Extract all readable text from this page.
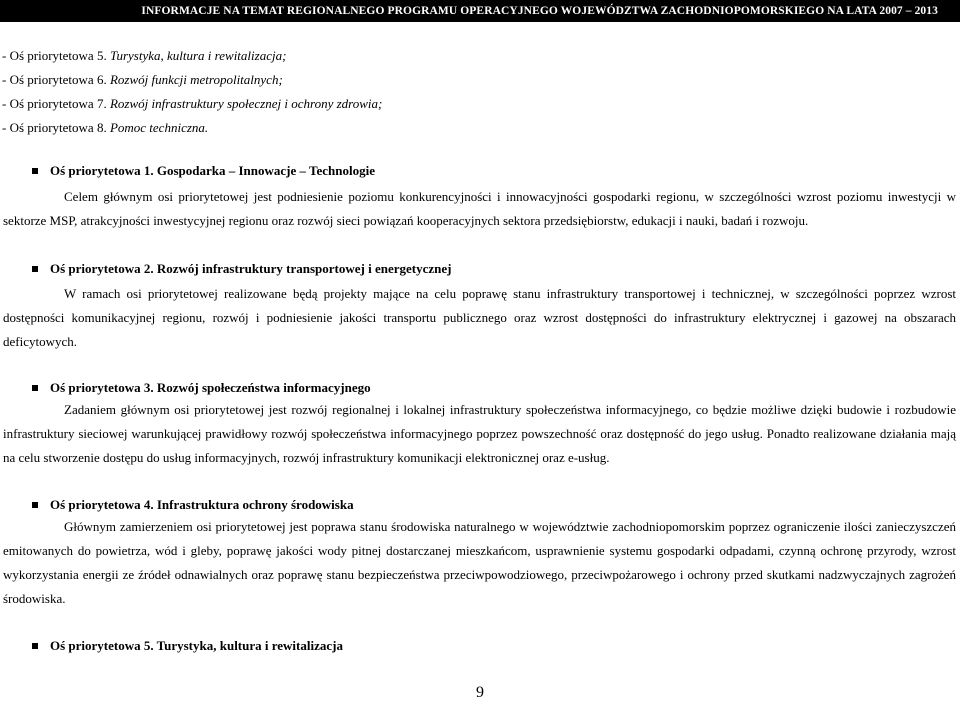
INFORMACJE NA TEMAT REGIONALNEGO PROGRAMU OPERACYJNEGO WOJEWÓDZTWA ZACHODNIOPOMORSKIEGO NA LATA 2007 – 2013
- Oś priorytetowa 5. Turystyka, kultura i rewitalizacja;
- Oś priorytetowa 6. Rozwój funkcji metropolitalnych;
- Oś priorytetowa 7. Rozwój infrastruktury społecznej i ochrony zdrowia;
- Oś priorytetowa 8. Pomoc techniczna.
Oś priorytetowa 1. Gospodarka – Innowacje – Technologie

Celem głównym osi priorytetowej jest podniesienie poziomu konkurencyjności i innowacyjności gospodarki regionu, w szczególności wzrost poziomu inwestycji w sektorze MSP, atrakcyjności inwestycyjnej regionu oraz rozwój sieci powiązań kooperacyjnych sektora przedsiębiorstw, edukacji i nauki, badań i rozwoju.

Oś priorytetowa 2. Rozwój infrastruktury transportowej i energetycznej

W ramach osi priorytetowej realizowane będą projekty mające na celu poprawę stanu infrastruktury transportowej i technicznej, w szczególności poprzez wzrost dostępności komunikacyjnej regionu, rozwój i podniesienie jakości transportu publicznego oraz wzrost dostępności do infrastruktury elektrycznej i gazowej na obszarach deficytowych.

Oś priorytetowa 3. Rozwój społeczeństwa informacyjnego

Zadaniem głównym osi priorytetowej jest rozwój regionalnej i lokalnej infrastruktury społeczeństwa informacyjnego, co będzie możliwe dzięki budowie i rozbudowie infrastruktury sieciowej warunkującej prawidłowy rozwój społeczeństwa informacyjnego poprzez powszechność oraz dostępność do jego usług. Ponadto realizowane działania mają na celu stworzenie dostępu do usług informacyjnych, rozwój infrastruktury komunikacji elektronicznej oraz e-usług.

Oś priorytetowa 4. Infrastruktura ochrony środowiska

Głównym zamierzeniem osi priorytetowej jest poprawa stanu środowiska naturalnego w województwie zachodniopomorskim poprzez ograniczenie ilości zanieczyszczeń emitowanych do powietrza, wód i gleby, poprawę jakości wody pitnej dostarczanej mieszkańcom, usprawnienie systemu gospodarki odpadami, czynną ochronę przyrody, wzrost wykorzystania energii ze źródeł odnawialnych oraz poprawę stanu bezpieczeństwa przeciwpowodziowego, przeciwpożarowego i ochrony przed skutkami nadzwyczajnych zagrożeń środowiska.

Oś priorytetowa 5. Turystyka, kultura i rewitalizacja
9
